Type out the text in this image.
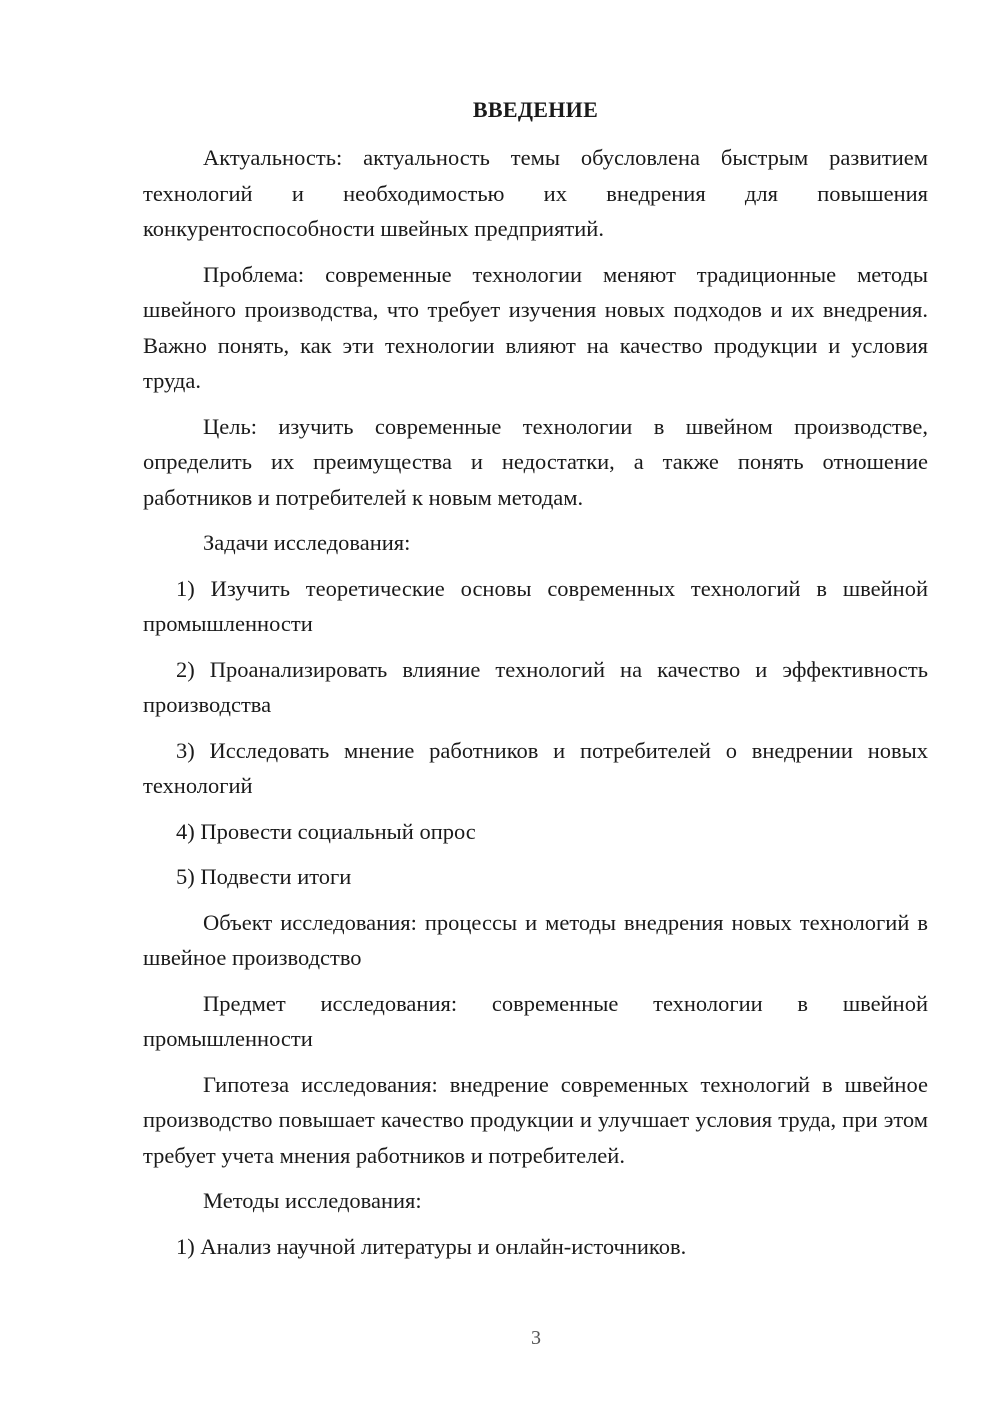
ВВЕДЕНИЕ

Актуальность: актуальность темы обусловлена быстрым развитием технологий и необходимостью их внедрения для повышения конкурентоспособности швейных предприятий.

Проблема: современные технологии меняют традиционные методы швейного производства, что требует изучения новых подходов и их внедрения. Важно понять, как эти технологии влияют на качество продукции и условия труда.

Цель: изучить современные технологии в швейном производстве, определить их преимущества и недостатки, а также понять отношение работников и потребителей к новым методам.

Задачи исследования:

1) Изучить теоретические основы современных технологий в швейной промышленности

2) Проанализировать влияние технологий на качество и эффективность производства

3) Исследовать мнение работников и потребителей о внедрении новых технологий

4) Провести социальный опрос

5) Подвести итоги

Объект исследования: процессы и методы внедрения новых технологий в швейное производство

Предмет исследования: современные технологии в швейной промышленности

Гипотеза исследования: внедрение современных технологий в швейное производство повышает качество продукции и улучшает условия труда, при этом требует учета мнения работников и потребителей.

Методы исследования:

1) Анализ научной литературы и онлайн-источников.

3
